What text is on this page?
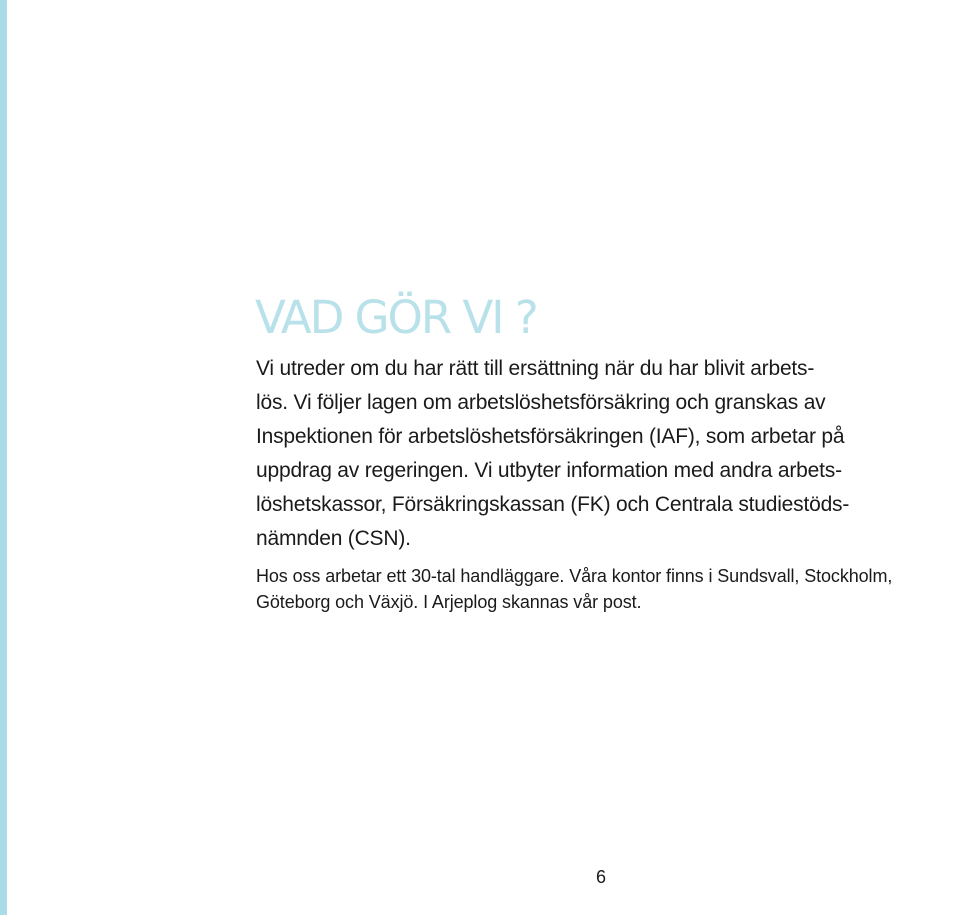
VAD GÖR VI ?

Vi utreder om du har rätt till ersättning när du har blivit arbets-
lös. Vi följer lagen om arbetslöshetsförsäkring och granskas av
Inspektionen för arbetslöshetsförsäkringen (IAF), som arbetar på
uppdrag av regeringen. Vi utbyter information med andra arbets-
löshetskassor, Försäkringskassan (FK) och Centrala studiestöds-
nämnden (CSN).

Hos oss arbetar ett 30-tal handläggare. Våra kontor finns i Sundsvall, Stockholm,
Göteborg och Växjö. I Arjeplog skannas vår post.

6
